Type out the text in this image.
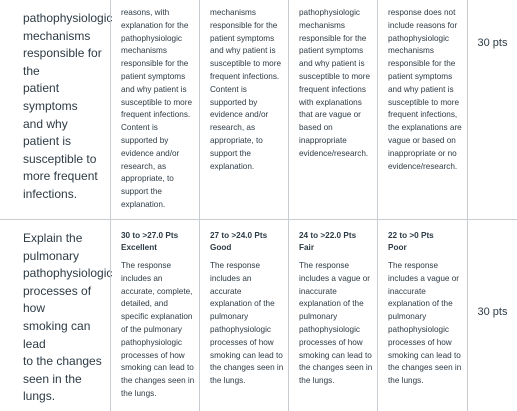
pathophysiologic
mechanisms
responsible for the
patient symptoms
and why patient is
susceptible to
more frequent
infections.
reasons, with
explanation for the
pathophysiologic
mechanisms
responsible for the
patient symptoms
and why patient is
susceptible to more
frequent infections.
Content is
supported by
evidence and/or
research, as
appropriate, to
support the
explanation.
mechanisms
responsible for the
patient symptoms
and why patient is
susceptible to more
frequent infections.
Content is
supported by
evidence and/or
research, as
appropriate, to
support the
explanation.
pathophysiologic
mechanisms
responsible for the
patient symptoms
and why patient is
susceptible to more
frequent infections
with explanations
that are vague or
based on
inappropriate
evidence/research.
response does not
include reasons for
pathophysiologic
mechanisms
responsible for the
patient symptoms
and why patient is
susceptible to more
frequent infections,
the explanations are
vague or based on
inappropriate or no
evidence/research.
30 pts
Explain the
pulmonary
pathophysiologic
processes of how
smoking can lead
to the changes
seen in the lungs.
30 to >27.0 Pts
Excellent
The response
includes an
accurate, complete,
detailed, and
specific explanation
of the pulmonary
pathophysiologic
processes of how
smoking can lead to
the changes seen in
the lungs.
27 to >24.0 Pts
Good
The response
includes an accurate
explanation of the
pulmonary
pathophysiologic
processes of how
smoking can lead to
the changes seen in
the lungs.
24 to >22.0 Pts
Fair
The response
includes a vague or
inaccurate
explanation of the
pulmonary
pathophysiologic
processes of how
smoking can lead to
the changes seen in
the lungs.
22 to >0 Pts
Poor
The response
includes a vague or
inaccurate
explanation of the
pulmonary
pathophysiologic
processes of how
smoking can lead to
the changes seen in
the lungs.
30 pts
